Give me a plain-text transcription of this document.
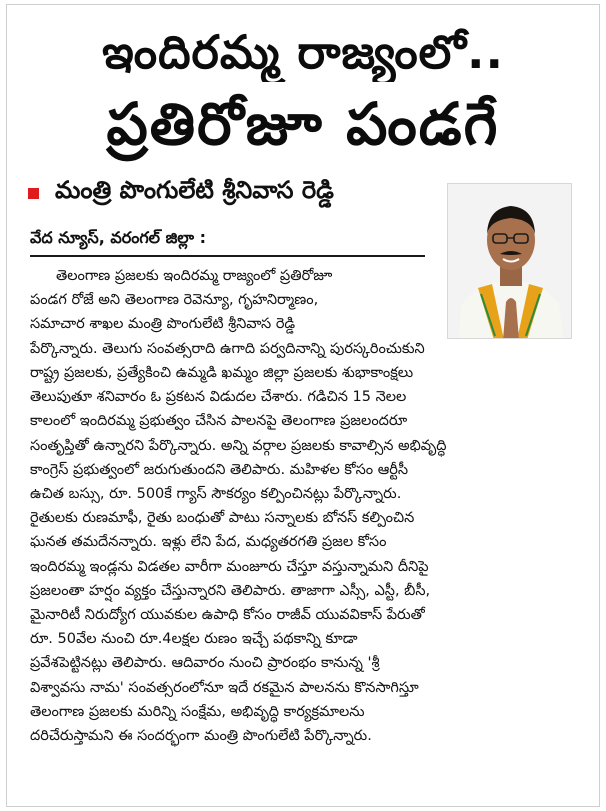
ఇందిరమ్మ రాజ్యంలో..
ప్రతిరోజూ పండగే
మంత్రి పొంగులేటి శ్రీనివాస రెడ్డి
వేద న్యూస్, వరంగల్ జిల్లా :
తెలంగాణ ప్రజలకు ఇందిరమ్మ రాజ్యంలో ప్రతిరోజూ
పండగ రోజే అని తెలంగాణ రెవెన్యూ, గృహనిర్మాణం,
సమాచార శాఖల మంత్రి పొంగులేటి శ్రీనివాస రెడ్డి
పేర్కొన్నారు. తెలుగు సంవత్సరాది ఉగాది పర్వదినాన్ని పురస్కరించుకుని
రాష్ట్ర ప్రజలకు, ప్రత్యేకించి ఉమ్మడి ఖమ్మం జిల్లా ప్రజలకు శుభాకాంక్షలు
తెలుపుతూ శనివారం ఓ ప్రకటన విడుదల చేశారు. గడిచిన 15 నెలల
కాలంలో ఇందిరమ్మ ప్రభుత్వం చేసిన పాలనపై తెలంగాణ ప్రజలందరూ
సంతృప్తితో ఉన్నారని పేర్కొన్నారు. అన్ని వర్గాల ప్రజలకు కావాల్సిన అభివృద్ధి
కాంగ్రెస్ ప్రభుత్వంలో జరుగుతుందని తెలిపారు. మహిళల కోసం ఆర్టీసీ
ఉచిత బస్సు, రూ. 500కే గ్యాస్ సౌకర్యం కల్పించినట్లు పేర్కొన్నారు.
రైతులకు రుణమాఫీ, రైతు బంధుతో పాటు సన్నాలకు బోనస్ కల్పించిన
ఘనత తమదేనన్నారు. ఇళ్లు లేని పేద, మధ్యతరగతి ప్రజల కోసం
ఇందిరమ్మ ఇండ్లను విడతల వారీగా మంజూరు చేస్తూ వస్తున్నామని దీనిపై
ప్రజలంతా హర్షం వ్యక్తం చేస్తున్నారని తెలిపారు. తాజాగా ఎస్సీ, ఎస్టీ, బీసీ,
మైనారిటీ నిరుద్యోగ యువకుల ఉపాధి కోసం రాజీవ్ యువవికాస్ పేరుతో
రూ. 50వేల నుంచి రూ.4లక్షల రుణం ఇచ్చే పథకాన్ని కూడా
ప్రవేశపెట్టినట్లు తెలిపారు. ఆదివారం నుంచి ప్రారంభం కానున్న 'శ్రీ
విశ్వావసు నామ' సంవత్సరంలోనూ ఇదే రకమైన పాలనను కొనసాగిస్తూ
తెలంగాణ ప్రజలకు మరిన్ని సంక్షేమ, అభివృద్ధి కార్యక్రమాలను
దరిచేరుస్తామని ఈ సందర్భంగా మంత్రి పొంగులేటి పేర్కొన్నారు.
